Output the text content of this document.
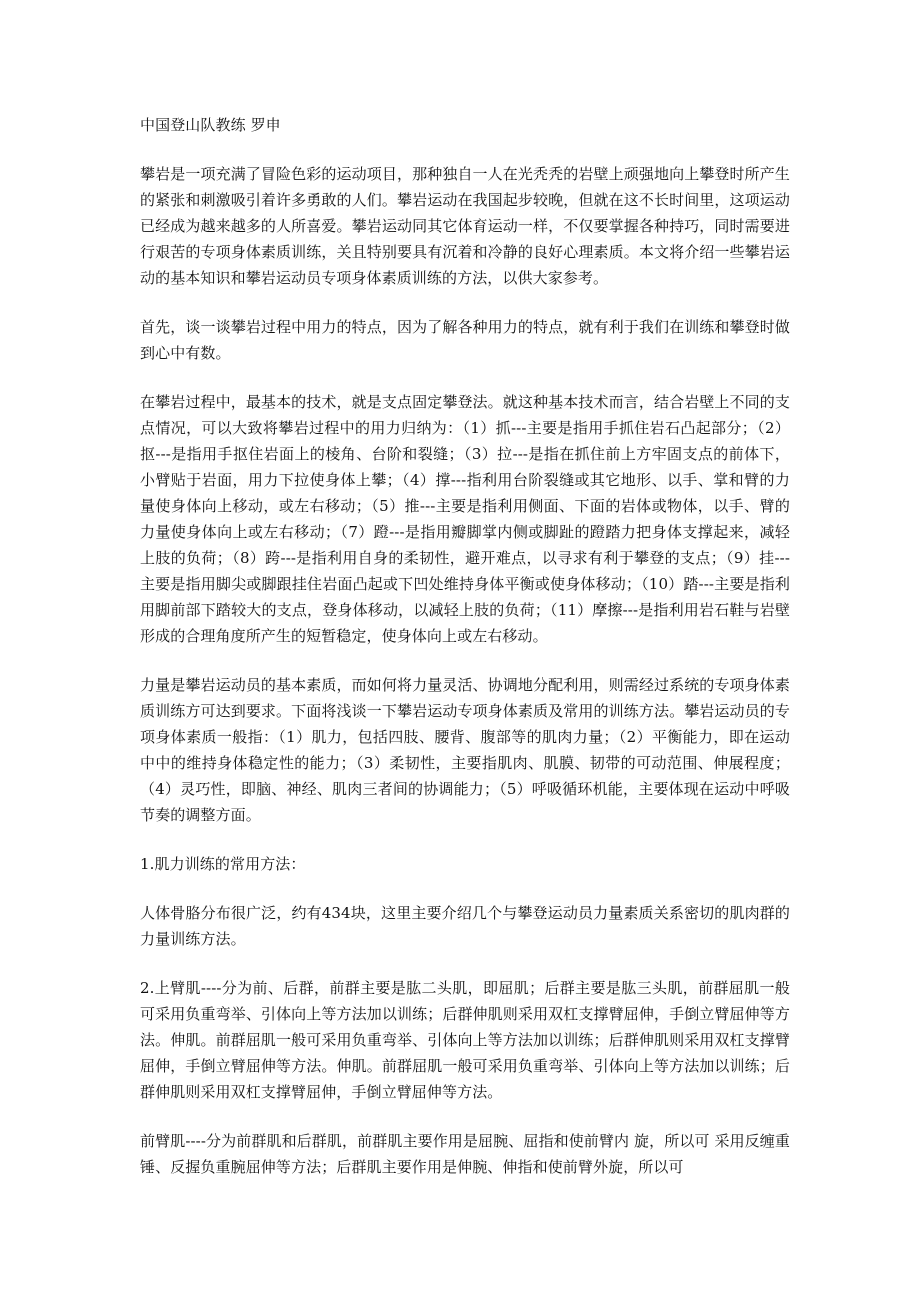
中国登山队教练 罗申

攀岩是一项充满了冒险色彩的运动项目，那种独自一人在光秃秃的岩壁上顽强地向上攀登时所产生的紧张和刺激吸引着许多勇敢的人们。攀岩运动在我国起步较晚，但就在这不长时间里，这项运动已经成为越来越多的人所喜爱。攀岩运动同其它体育运动一样，不仅要掌握各种持巧，同时需要进行艰苦的专项身体素质训练，关且特别要具有沉着和冷静的良好心理素质。本文将介绍一些攀岩运动的基本知识和攀岩运动员专项身体素质训练的方法，以供大家参考。

首先，谈一谈攀岩过程中用力的特点，因为了解各种用力的特点，就有利于我们在训练和攀登时做到心中有数。

在攀岩过程中，最基本的技术，就是支点固定攀登法。就这种基本技术而言，结合岩壁上不同的支点情况，可以大致将攀岩过程中的用力归纳为：（1）抓---主要是指用手抓住岩石凸起部分；（2）抠---是指用手抠住岩面上的棱角、台阶和裂缝；（3）拉---是指在抓住前上方牢固支点的前体下，小臂贴于岩面，用力下拉使身体上攀；（4）撑---指利用台阶裂缝或其它地形、以手、掌和臂的力量使身体向上移动，或左右移动；（5）推---主要是指利用侧面、下面的岩体或物体，以手、臂的力量使身体向上或左右移动；（7）蹬---是指用瓣脚掌内侧或脚趾的蹬踏力把身体支撑起来，减轻上肢的负荷；（8）跨---是指利用自身的柔韧性，避开难点，以寻求有利于攀登的支点；（9）挂---主要是指用脚尖或脚跟挂住岩面凸起或下凹处维持身体平衡或使身体移动；（10）踏---主要是指利用脚前部下踏较大的支点，登身体移动，以减轻上肢的负荷；（11）摩擦---是指利用岩石鞋与岩壁形成的合理角度所产生的短暂稳定，使身体向上或左右移动。

力量是攀岩运动员的基本素质，而如何将力量灵活、协调地分配利用，则需经过系统的专项身体素质训练方可达到要求。下面将浅谈一下攀岩运动专项身体素质及常用的训练方法。攀岩运动员的专项身体素质一般指：（1）肌力，包括四肢、腰背、腹部等的肌肉力量；（2）平衡能力，即在运动中中的维持身体稳定性的能力；（3）柔韧性，主要指肌肉、肌膜、韧带的可动范围、伸展程度；（4）灵巧性，即脑、神经、肌肉三者间的协调能力；（5）呼吸循环机能，主要体现在运动中呼吸节奏的调整方面。

1.肌力训练的常用方法：

人体骨胳分布很广泛，约有434块，这里主要介绍几个与攀登运动员力量素质关系密切的肌肉群的力量训练方法。

2.上臂肌----分为前、后群，前群主要是肱二头肌，即屈肌；后群主要是肱三头肌，前群屈肌一般可采用负重弯举、引体向上等方法加以训练；后群伸肌则采用双杠支撑臂屈伸，手倒立臂屈伸等方法。伸肌。前群屈肌一般可采用负重弯举、引体向上等方法加以训练；后群伸肌则采用双杠支撑臂屈伸，手倒立臂屈伸等方法。伸肌。前群屈肌一般可采用负重弯举、引体向上等方法加以训练；后群伸肌则采用双杠支撑臂屈伸，手倒立臂屈伸等方法。

前臂肌----分为前群肌和后群肌，前群肌主要作用是屈腕、屈指和使前臂内 旋，所以可 采用反缠重锤、反握负重腕屈伸等方法；后群肌主要作用是伸腕、伸指和使前臂外旋，所以可
